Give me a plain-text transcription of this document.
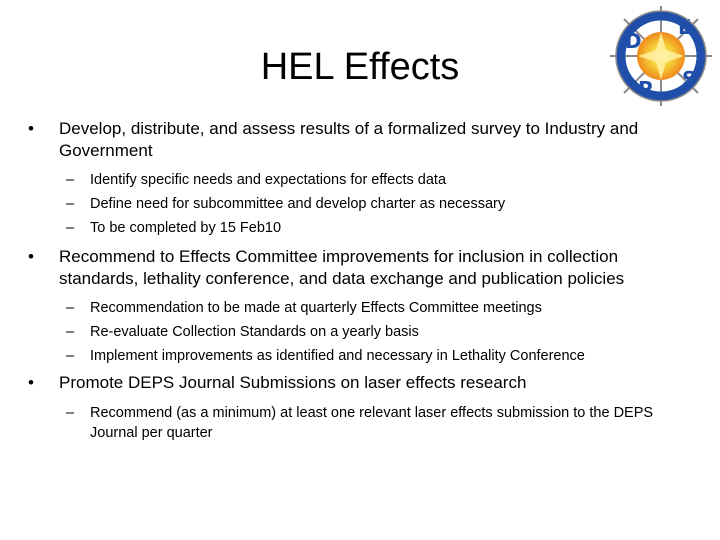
HEL Effects
D
E
P S

• Develop, distribute, and assess results of a formalized survey to Industry and Government

– Identify specific needs and expectations for effects data
– Define need for subcommittee and develop charter as necessary
– To be completed by 15 Feb10

• Recommend to Effects Committee improvements for inclusion in collection standards, lethality conference, and data exchange and publication policies

– Recommendation to be made at quarterly Effects Committee meetings
– Re-evaluate Collection Standards on a yearly basis
– Implement improvements as identified and necessary in Lethality Conference

• Promote DEPS Journal Submissions on laser effects research

– Recommend (as a minimum) at least one relevant laser effects submission to the DEPS Journal per quarter
